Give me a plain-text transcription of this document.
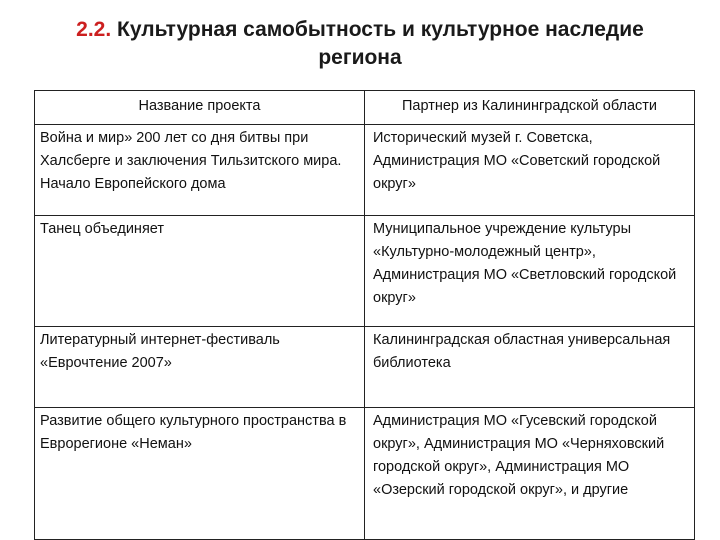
2.2. Культурная самобытность и культурное наследие региона
Название проекта	Партнер из Калининградской области
Война и мир» 200 лет со дня битвы при Халсберге и заключения Тильзитского мира. Начало Европейского дома	Исторический музей г. Советска, Администрация МО «Советский городской округ»
Танец объединяет	Муниципальное учреждение культуры «Культурно-молодежный центр», Администрация МО «Светловский городской округ»
Литературный интернет-фестиваль «Еврочтение 2007»	Калининградская областная универсальная библиотека
Развитие общего культурного пространства в Еврорегионе «Неман»	Администрация МО «Гусевский городской округ», Администрация МО «Черняховский городской округ», Администрация МО «Озерский городской округ», и другие
